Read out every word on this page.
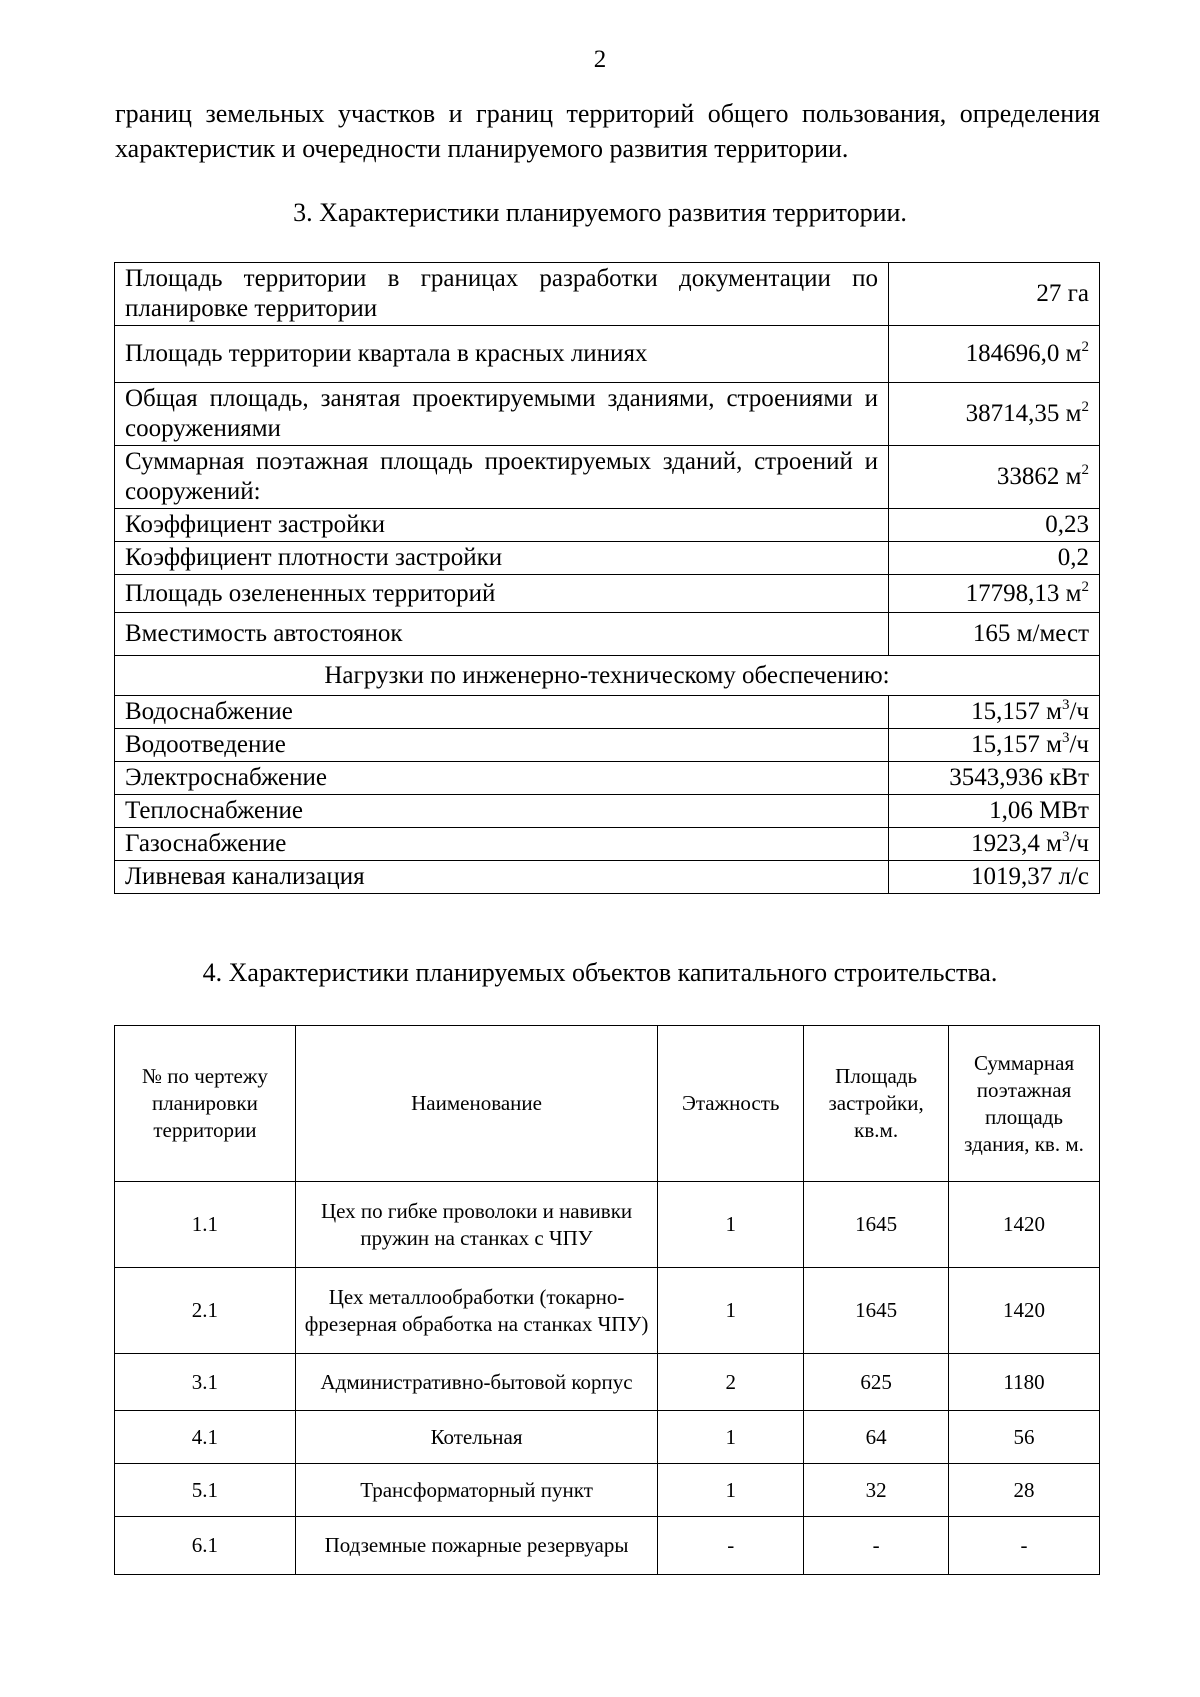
2
границ земельных участков и границ территорий общего пользования, определения характеристик и очередности планируемого развития территории.
3. Характеристики планируемого развития территории.
Площадь территории в границах разработки документации по планировке территории	27 га
Площадь территории квартала в красных линиях	184696,0 $м^2$
Общая площадь, занятая проектируемыми зданиями, строениями и сооружениями	38714,35 $м^2$
Суммарная поэтажная площадь проектируемых зданий, строений и сооружений:	33862 $м^2$
Коэффициент застройки	0,23
Коэффициент плотности застройки	0,2
Площадь озелененных территорий	17798,13 $м^2$
Вместимость автостоянок	165 м/мест
Нагрузки по инженерно-техническому обеспечению:	
Водоснабжение	15,157 $м^3/ч$
Водоотведение	15,157 $м^3/ч$
Электроснабжение	3543,936 кВт
Теплоснабжение	1,06 МВт
Газоснабжение	1923,4 $м^3/ч$
Ливневая канализация	1019,37 л/с
4. Характеристики планируемых объектов капитального строительства.
№ по чертежу планировки территории	Наименование	Этажность	Площадь застройки, кв.м.	Суммарная поэтажная площадь здания, кв. м.
1.1	Цех по гибке проволоки и навивки пружин на станках с ЧПУ	1	1645	1420
2.1	Цех металлообработки (токарно-фрезерная обработка на станках ЧПУ)	1	1645	1420
3.1	Административно-бытовой корпус	2	625	1180
4.1	Котельная	1	64	56
5.1	Трансформаторный пункт	1	32	28
6.1	Подземные пожарные резервуары	-	-	-
